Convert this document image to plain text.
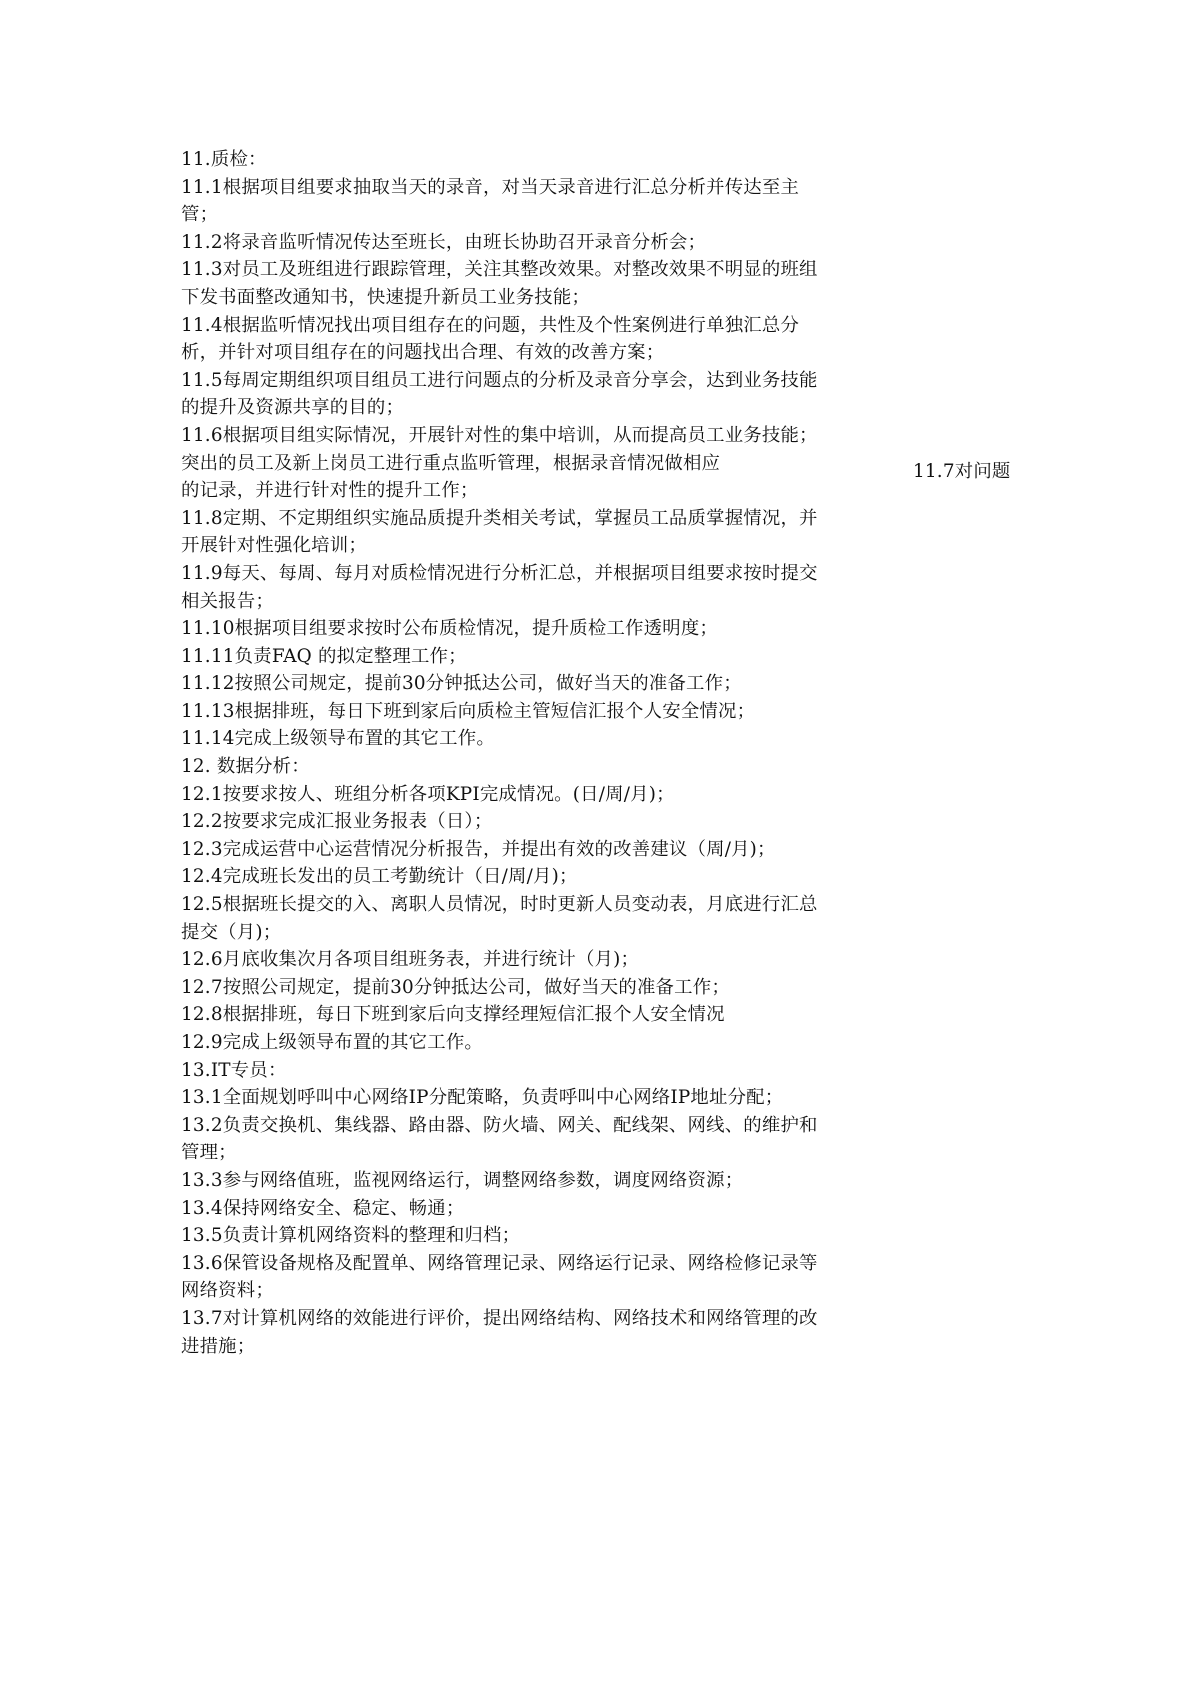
11.质检：
11.1根据项目组要求抽取当天的录音，对当天录音进行汇总分析并传达至主
管；
11.2将录音监听情况传达至班长，由班长协助召开录音分析会；
11.3对员工及班组进行跟踪管理，关注其整改效果。对整改效果不明显的班组
下发书面整改通知书，快速提升新员工业务技能；
11.4根据监听情况找出项目组存在的问题，共性及个性案例进行单独汇总分
析，并针对项目组存在的问题找出合理、有效的改善方案；
11.5每周定期组织项目组员工进行问题点的分析及录音分享会，达到业务技能
的提升及资源共享的目的；
11.6根据项目组实际情况，开展针对性的集中培训，从而提高员工业务技能；
突出的员工及新上岗员工进行重点监听管理，根据录音情况做相应
的记录，并进行针对性的提升工作；
11.8定期、不定期组织实施品质提升类相关考试，掌握员工品质掌握情况，并
开展针对性强化培训；
11.9每天、每周、每月对质检情况进行分析汇总，并根据项目组要求按时提交
相关报告；
11.10根据项目组要求按时公布质检情况，提升质检工作透明度；
11.11负责FAQ 的拟定整理工作；
11.12按照公司规定，提前30分钟抵达公司，做好当天的准备工作；
11.13根据排班，每日下班到家后向质检主管短信汇报个人安全情况；
11.14完成上级领导布置的其它工作。
12. 数据分析：
12.1按要求按人、班组分析各项KPI完成情况。(日/周/月)；
12.2按要求完成汇报业务报表（日）；
12.3完成运营中心运营情况分析报告，并提出有效的改善建议（周/月)；
12.4完成班长发出的员工考勤统计（日/周/月)；
12.5根据班长提交的入、离职人员情况，时时更新人员变动表，月底进行汇总
提交（月)；
12.6月底收集次月各项目组班务表，并进行统计（月)；
12.7按照公司规定，提前30分钟抵达公司，做好当天的准备工作；
12.8根据排班，每日下班到家后向支撑经理短信汇报个人安全情况
12.9完成上级领导布置的其它工作。
13.IT专员：
13.1全面规划呼叫中心网络IP分配策略，负责呼叫中心网络IP地址分配；
13.2负责交换机、集线器、路由器、防火墙、网关、配线架、网线、的维护和
管理；
13.3参与网络值班，监视网络运行，调整网络参数，调度网络资源；
13.4保持网络安全、稳定、畅通；
13.5负责计算机网络资料的整理和归档；
13.6保管设备规格及配置单、网络管理记录、网络运行记录、网络检修记录等
网络资料；
13.7对计算机网络的效能进行评价，提出网络结构、网络技术和网络管理的改
进措施；
11.7对问题
